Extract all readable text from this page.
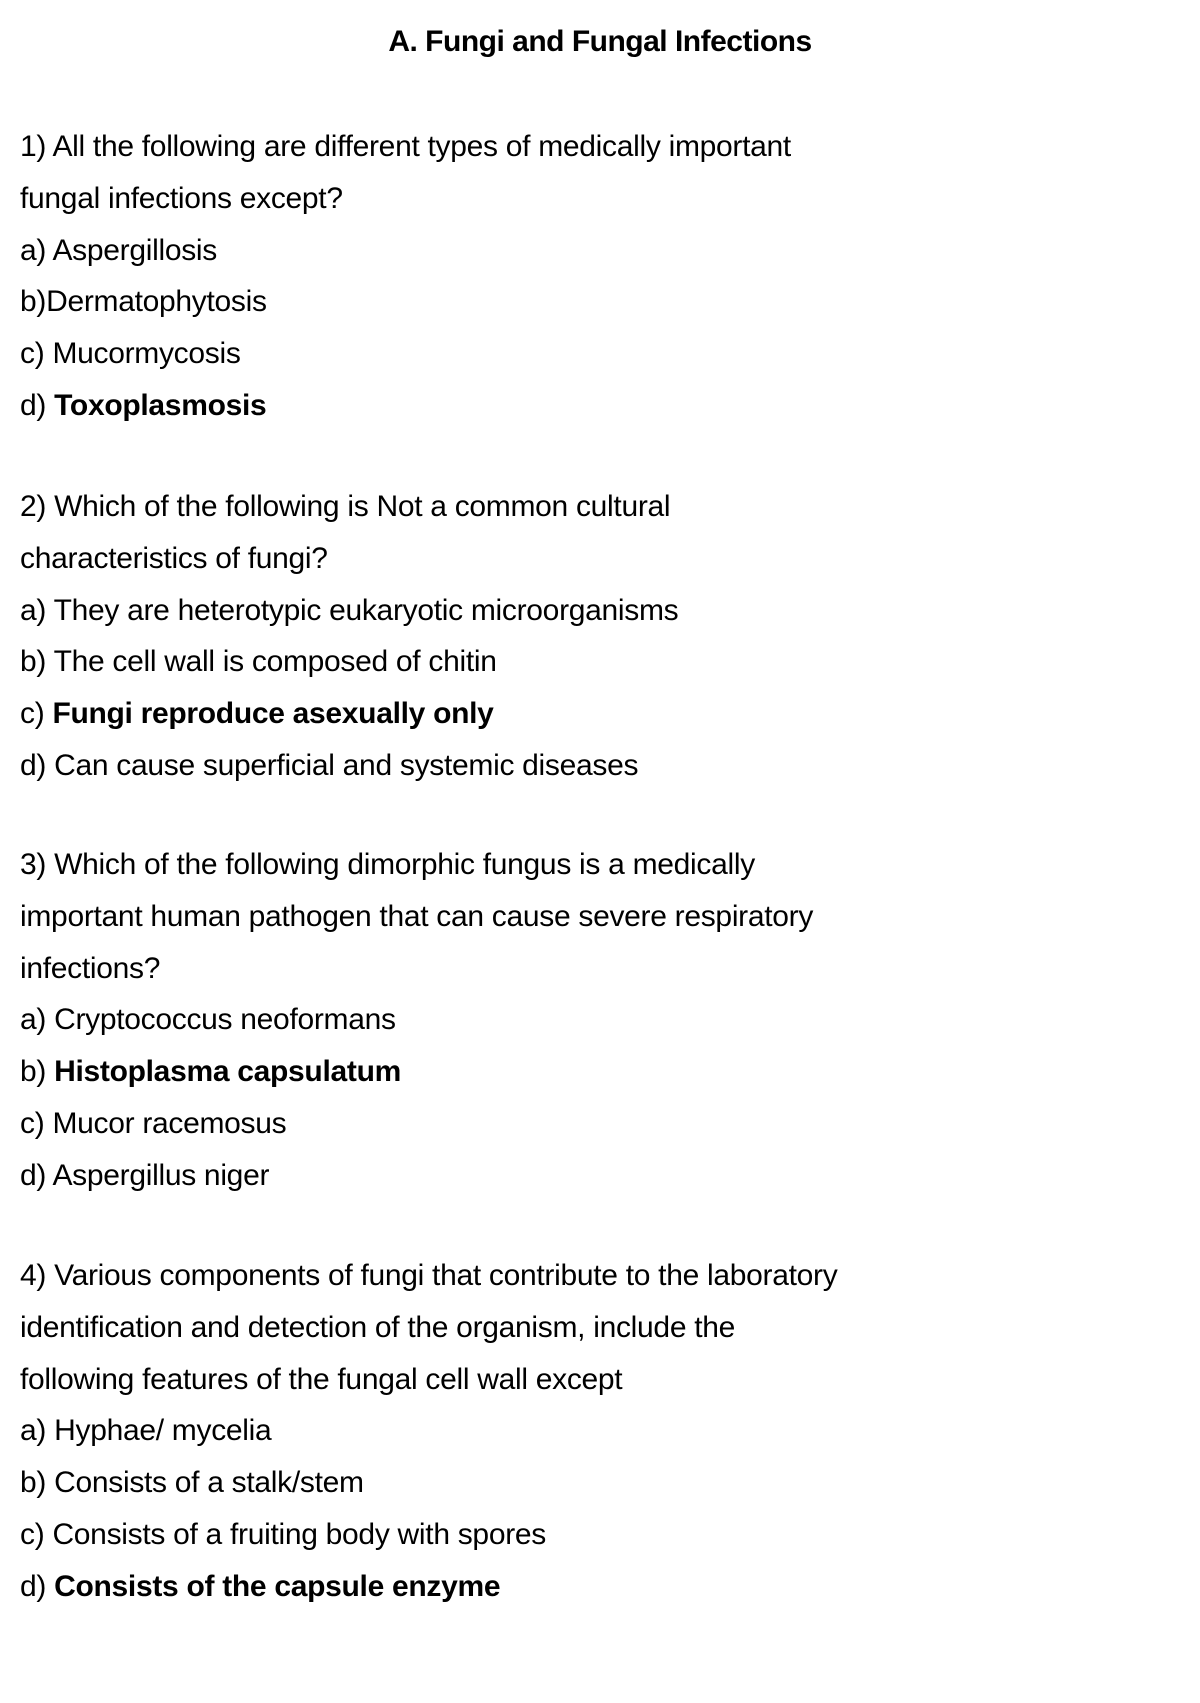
A. Fungi and Fungal Infections
1) All the following are different types of medically important fungal infections except?
a) Aspergillosis
b)Dermatophytosis
c) Mucormycosis
d) Toxoplasmosis
2) Which of the following is Not a common cultural characteristics of fungi?
a) They are heterotypic eukaryotic microorganisms
b) The cell wall is composed of chitin
c) Fungi reproduce asexually only
d) Can cause superficial and systemic diseases
3) Which of the following dimorphic fungus is a medically important human pathogen that can cause severe respiratory infections?
a) Cryptococcus neoformans
b) Histoplasma capsulatum
c) Mucor racemosus
d) Aspergillus niger
4) Various components of fungi that contribute to the laboratory identification and detection of the organism, include the following features of the fungal cell wall except
a) Hyphae/ mycelia
b) Consists of a stalk/stem
c) Consists of a fruiting body with spores
d) Consists of the capsule enzyme
